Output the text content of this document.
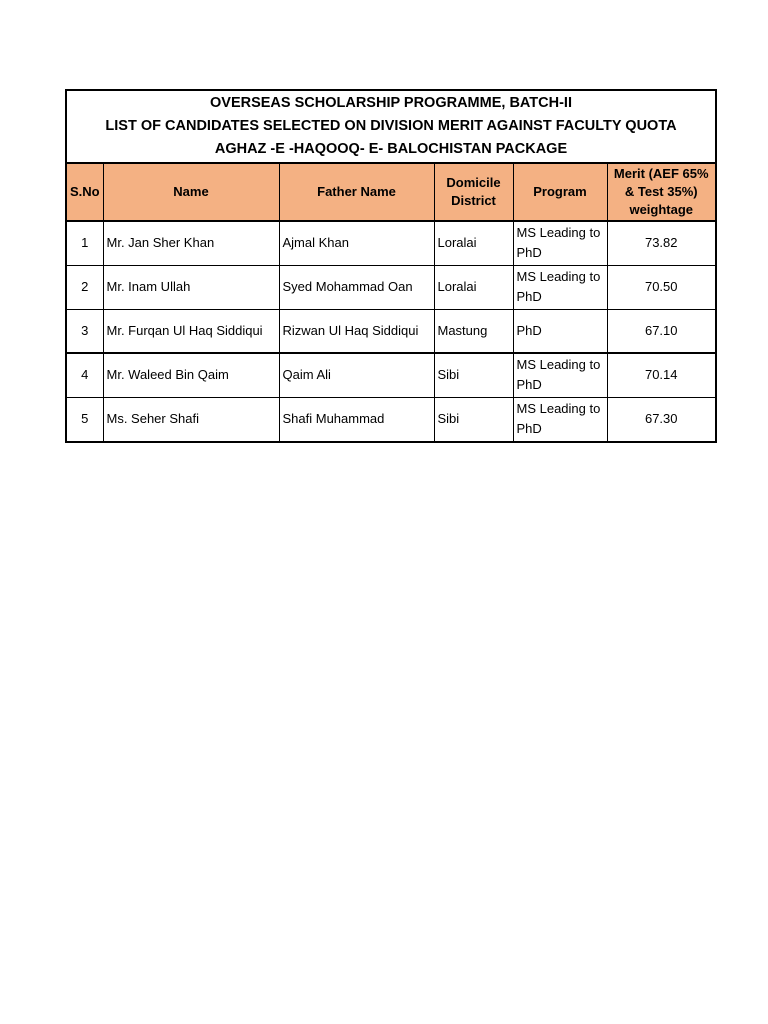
OVERSEAS SCHOLARSHIP PROGRAMME, BATCH-II
LIST OF CANDIDATES SELECTED ON DIVISION MERIT AGAINST FACULTY QUOTA
AGHAZ -E -HAQOOQ- E- BALOCHISTAN PACKAGE
S.No	Name	Father Name	Domicile District	Program	Merit (AEF 65% & Test 35%) weightage
1	Mr. Jan Sher Khan	Ajmal Khan	Loralai	MS Leading to PhD	73.82
2	Mr. Inam Ullah	Syed Mohammad Oan	Loralai	MS Leading to PhD	70.50
3	Mr. Furqan Ul Haq Siddiqui	Rizwan Ul Haq Siddiqui	Mastung	PhD	67.10
4	Mr. Waleed Bin Qaim	Qaim Ali	Sibi	MS Leading to PhD	70.14
5	Ms. Seher Shafi	Shafi Muhammad	Sibi	MS Leading to PhD	67.30
